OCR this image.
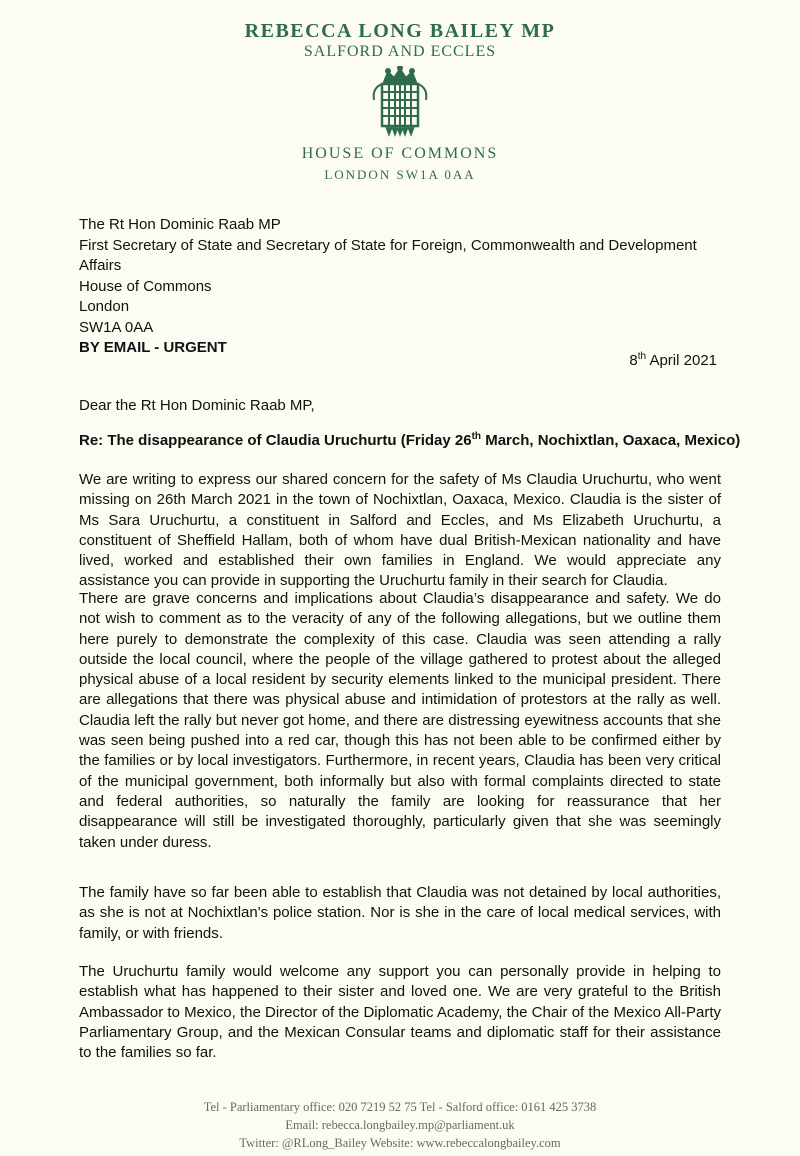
REBECCA LONG BAILEY MP
SALFORD AND ECCLES
HOUSE OF COMMONS
LONDON SW1A 0AA
The Rt Hon Dominic Raab MP
First Secretary of State and Secretary of State for Foreign, Commonwealth and Development
Affairs
House of Commons
London
SW1A 0AA
BY EMAIL - URGENT
8th April 2021
Dear the Rt Hon Dominic Raab MP,
Re: The disappearance of Claudia Uruchurtu (Friday 26th March, Nochixtlan, Oaxaca, Mexico)
We are writing to express our shared concern for the safety of Ms Claudia Uruchurtu, who went missing on 26th March 2021 in the town of Nochixtlan, Oaxaca, Mexico. Claudia is the sister of Ms Sara Uruchurtu, a constituent in Salford and Eccles, and Ms Elizabeth Uruchurtu, a constituent of Sheffield Hallam, both of whom have dual British-Mexican nationality and have lived, worked and established their own families in England. We would appreciate any assistance you can provide in supporting the Uruchurtu family in their search for Claudia.
There are grave concerns and implications about Claudia’s disappearance and safety. We do not wish to comment as to the veracity of any of the following allegations, but we outline them here purely to demonstrate the complexity of this case. Claudia was seen attending a rally outside the local council, where the people of the village gathered to protest about the alleged physical abuse of a local resident by security elements linked to the municipal president. There are allegations that there was physical abuse and intimidation of protestors at the rally as well. Claudia left the rally but never got home, and there are distressing eyewitness accounts that she was seen being pushed into a red car, though this has not been able to be confirmed either by the families or by local investigators. Furthermore, in recent years, Claudia has been very critical of the municipal government, both informally but also with formal complaints directed to state and federal authorities, so naturally the family are looking for reassurance that her disappearance will still be investigated thoroughly, particularly given that she was seemingly taken under duress.
The family have so far been able to establish that Claudia was not detained by local authorities, as she is not at Nochixtlan's police station. Nor is she in the care of local medical services, with family, or with friends.
The Uruchurtu family would welcome any support you can personally provide in helping to establish what has happened to their sister and loved one. We are very grateful to the British Ambassador to Mexico, the Director of the Diplomatic Academy, the Chair of the Mexico All-Party Parliamentary Group, and the Mexican Consular teams and diplomatic staff for their assistance to the families so far.
Tel - Parliamentary office: 020 7219 52 75 Tel - Salford office: 0161 425 3738
Email: rebecca.longbailey.mp@parliament.uk
Twitter: @RLong_Bailey Website: www.rebeccalongbailey.com
